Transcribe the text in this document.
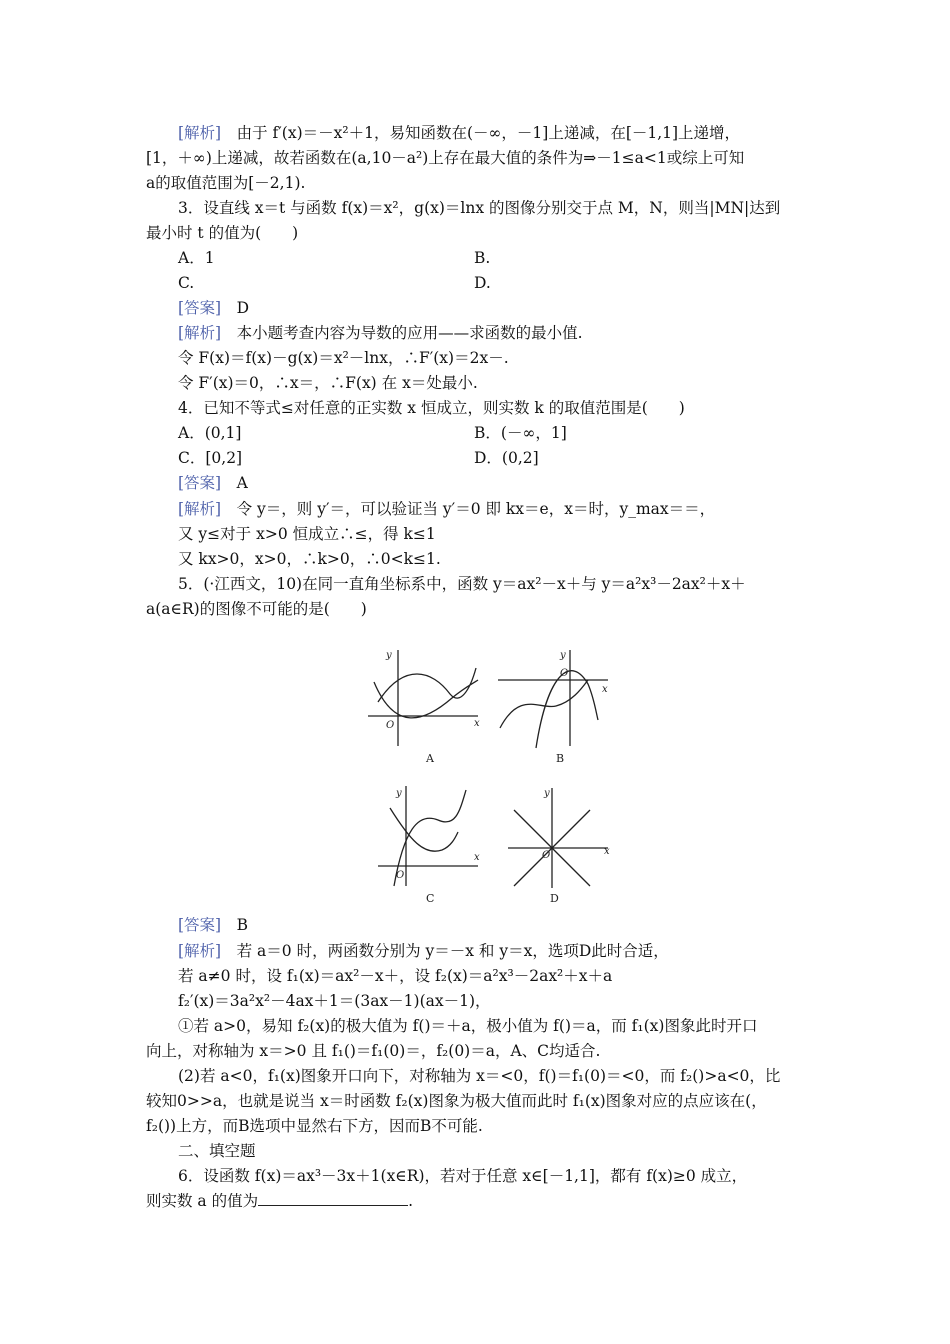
[解析]　由于 f′(x)＝－x²＋1，易知函数在(－∞，－1]上递减，在[－1,1]上递增，
[1，＋∞)上递减，故若函数在(a,10－a²)上存在最大值的条件为⇒－1≤a<1或综上可知
a的取值范围为[－2,1).
3．设直线 x＝t 与函数 f(x)＝x²，g(x)＝lnx 的图像分别交于点 M，N，则当|MN|达到
最小时 t 的值为(　　)
A．1	B.
C.	D.
[答案]　D
[解析]　本小题考查内容为导数的应用——求函数的最小值.
令 F(x)＝f(x)－g(x)＝x²－lnx，∴F′(x)＝2x－.
令 F′(x)＝0，∴x＝，∴F(x) 在 x＝处最小.
4．已知不等式≤对任意的正实数 x 恒成立，则实数 k 的取值范围是(　　)
A．(0,1]	B．(－∞，1]
C．[0,2]	D．(0,2]
[答案]　A
[解析]　令 y＝，则 y′＝，可以验证当 y′＝0 即 kx＝e，x＝时，y_max＝＝，
又 y≤对于 x>0 恒成立∴≤，得 k≤1
又 kx>0，x>0，∴k>0，∴0<k≤1.
5．(·江西文，10)在同一直角坐标系中，函数 y＝ax²－x＋与 y＝a²x³－2ax²＋x＋
a(a∈R)的图像不可能的是(　　)
x
y
O
x
y
O
x
y
O
x
y
O
A	B
C	D
[答案]　B
[解析]　若 a＝0 时，两函数分别为 y＝－x 和 y＝x，选项D此时合适，
若 a≠0 时，设 f₁(x)＝ax²－x＋，设 f₂(x)＝a²x³－2ax²＋x＋a
f₂′(x)＝3a²x²－4ax＋1＝(3ax－1)(ax－1)，
①若 a>0，易知 f₂(x)的极大值为 f()＝＋a，极小值为 f()＝a，而 f₁(x)图象此时开口
向上，对称轴为 x＝>0 且 f₁()＝f₁(0)＝，f₂(0)＝a，A、C均适合.
(2)若 a<0，f₁(x)图象开口向下，对称轴为 x＝<0，f()＝f₁(0)＝<0，而 f₂()>a<0，比
较知0>>a，也就是说当 x＝时函数 f₂(x)图象为极大值而此时 f₁(x)图象对应的点应该在(，
f₂())上方，而B选项中显然右下方，因而B不可能.
二、填空题
6．设函数 f(x)＝ax³－3x＋1(x∈R)，若对于任意 x∈[－1,1]，都有 f(x)≥0 成立，
则实数 a 的值为	.
